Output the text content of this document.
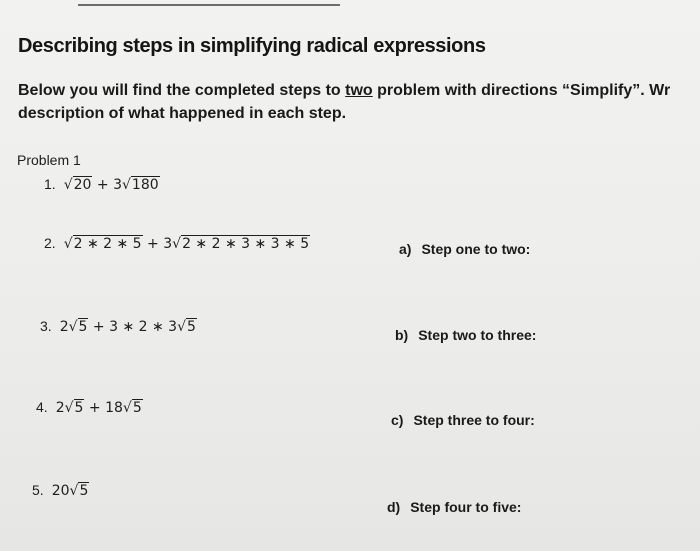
Describing steps in simplifying radical expressions
Below you will find the completed steps to two problem with directions “Simplify”. Wr
description of what happened in each step.
Problem 1
1. √20 + 3√180
2. √2 ∗ 2 ∗ 5 + 3√2 ∗ 2 ∗ 3 ∗ 3 ∗ 5
3. 2√5 + 3 ∗ 2 ∗ 3√5
4. 2√5 + 18√5
5. 20√5
a) Step one to two:
b) Step two to three:
c) Step three to four:
d) Step four to five:
